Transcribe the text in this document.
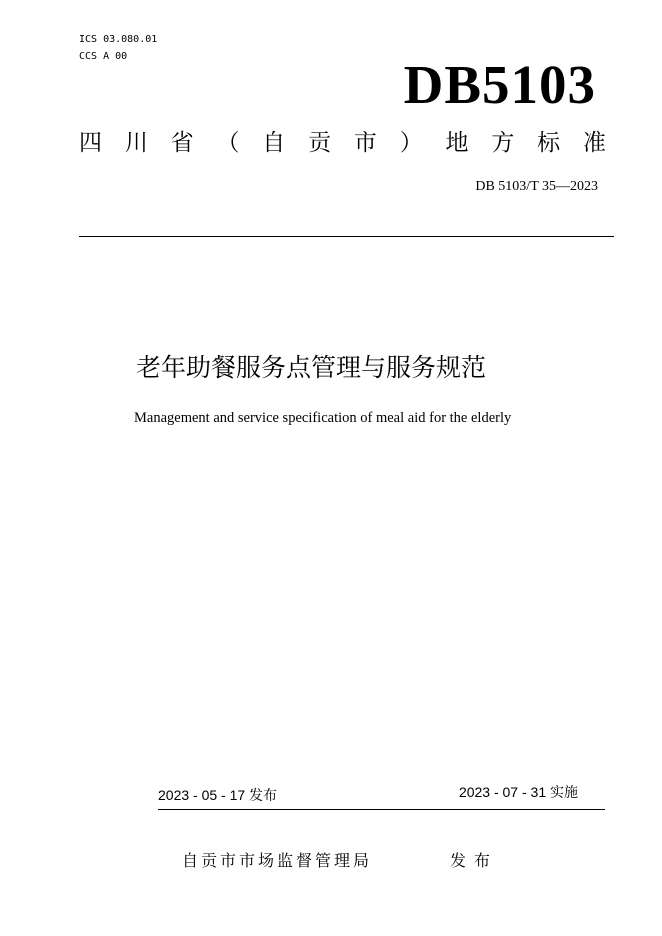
ICS 03.080.01
CCS A 00	DB5103
四 川 省 （ 自 贡 市 ） 地 方 标 准
DB 5103/T 35—2023
老年助餐服务点管理与服务规范
Management and service specification of meal aid for the elderly
2023 - 05 - 17 发布	2023 - 07 - 31 实施
自贡市市场监督管理局	发布
